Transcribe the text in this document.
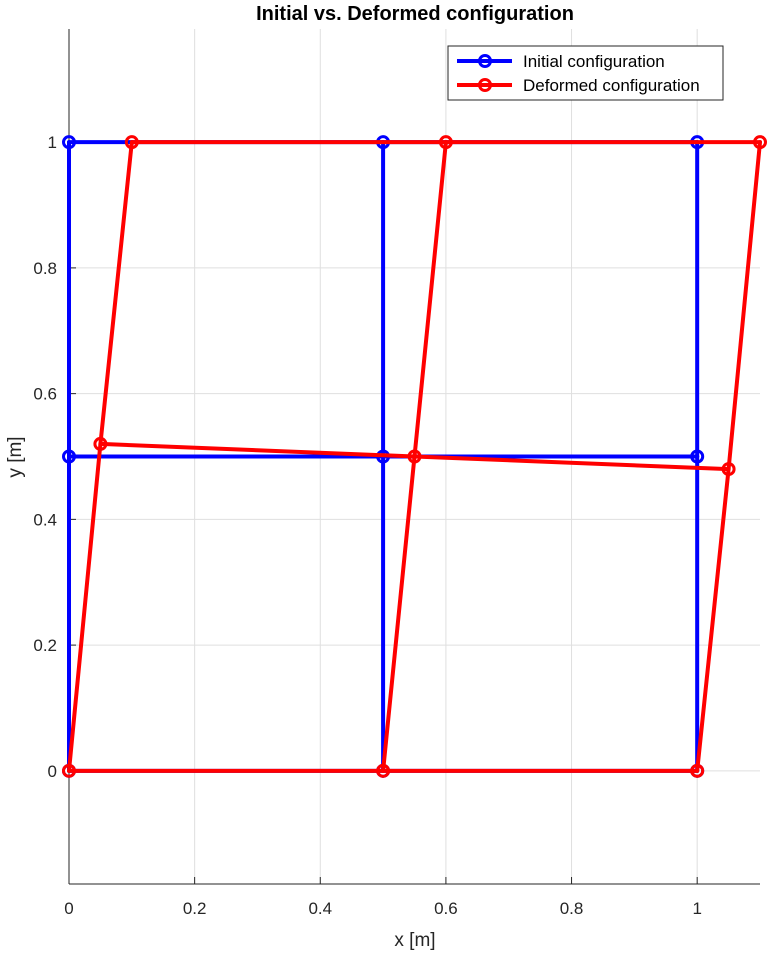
0	0.2	0.4	0.6	0.8	1
0
0.2
0.4
0.6
0.8
1
Initial vs. Deformed configuration
x [m]
y [m]
Initial configuration
Deformed configuration
